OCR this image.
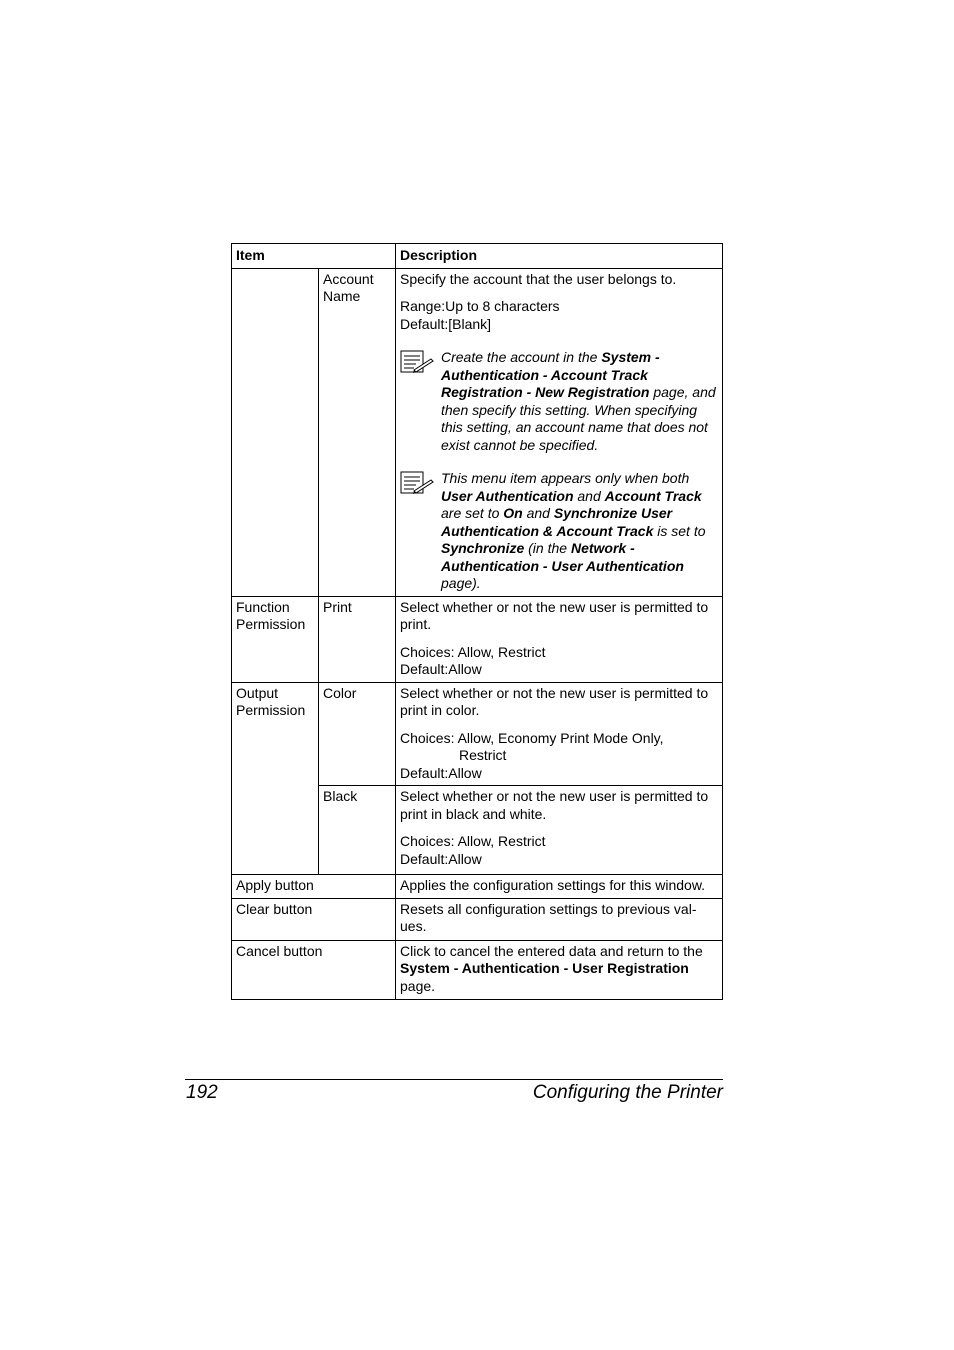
Item		Description
	Account Name	Specify the account that the user belongs to.

Range:Up to 8 characters
Default:[Blank]
Create the account in the System - Authentication - Account Track Registration - New Registration page, and then specify this setting. When specifying this setting, an account name that does not exist cannot be specified.
This menu item appears only when both User Authentication and Account Track are set to On and Synchronize User Authentication & Account Track is set to Synchronize (in the Network - Authentication - User Authentication page).

Function Permission	Print	Select whether or not the new user is permitted to print.

Choices: Allow, Restrict
Default:Allow

Output Permission	Color	Select whether or not the new user is permitted to print in color.

Choices: Allow, Economy Print Mode Only,
Restrict
Default:Allow

	Black	Select whether or not the new user is permitted to print in black and white.

Choices: Allow, Restrict
Default:Allow

Apply button		Applies the configuration settings for this window.
Clear button		Resets all configuration settings to previous val-ues.
Cancel button		Click to cancel the entered data and return to the System - Authentication - User Registration page.
192	Configuring the Printer
